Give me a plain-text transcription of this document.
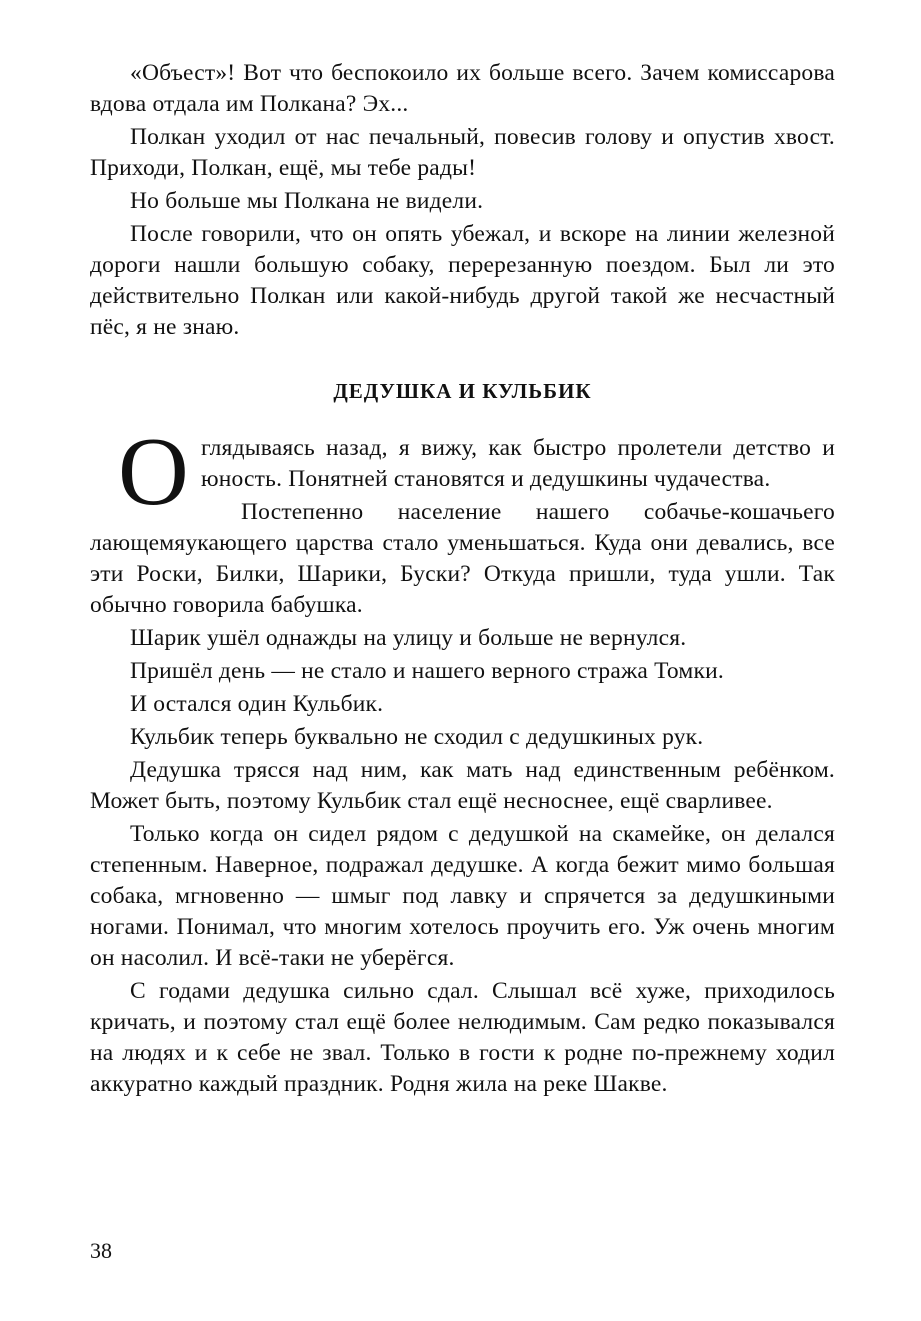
«Объест»! Вот что беспокоило их больше всего. Зачем комиссарова вдова отдала им Полкана? Эх...

Полкан уходил от нас печальный, повесив голову и опустив хвост. Приходи, Полкан, ещё, мы тебе рады!

Но больше мы Полкана не видели.

После говорили, что он опять убежал, и вскоре на линии железной дороги нашли большую собаку, перерезанную поездом. Был ли это действительно Полкан или какой-нибудь другой такой же несчастный пёс, я не знаю.

ДЕДУШКА И КУЛЬБИК
О глядываясь назад, я вижу, как быстро пролетели детство и юность. Понятней становятся и дедушкины чудачества.

Постепенно население нашего собачье-кошачьего лающемяукающего царства стало уменьшаться. Куда они девались, все эти Роски, Билки, Шарики, Буски? Откуда пришли, туда ушли. Так обычно говорила бабушка.

Шарик ушёл однажды на улицу и больше не вернулся.

Пришёл день — не стало и нашего верного стража Томки.

И остался один Кульбик.

Кульбик теперь буквально не сходил с дедушкиных рук.

Дедушка трясся над ним, как мать над единственным ребёнком. Может быть, поэтому Кульбик стал ещё несноснее, ещё сварливее.

Только когда он сидел рядом с дедушкой на скамейке, он делался степенным. Наверное, подражал дедушке. А когда бежит мимо большая собака, мгновенно — шмыг под лавку и спрячется за дедушкиными ногами. Понимал, что многим хотелось проучить его. Уж очень многим он насолил. И всё-таки не уберёгся.

С годами дедушка сильно сдал. Слышал всё хуже, приходилось кричать, и поэтому стал ещё более нелюдимым. Сам редко показывался на людях и к себе не звал. Только в гости к родне по-прежнему ходил аккуратно каждый праздник. Родня жила на реке Шакве.

38
